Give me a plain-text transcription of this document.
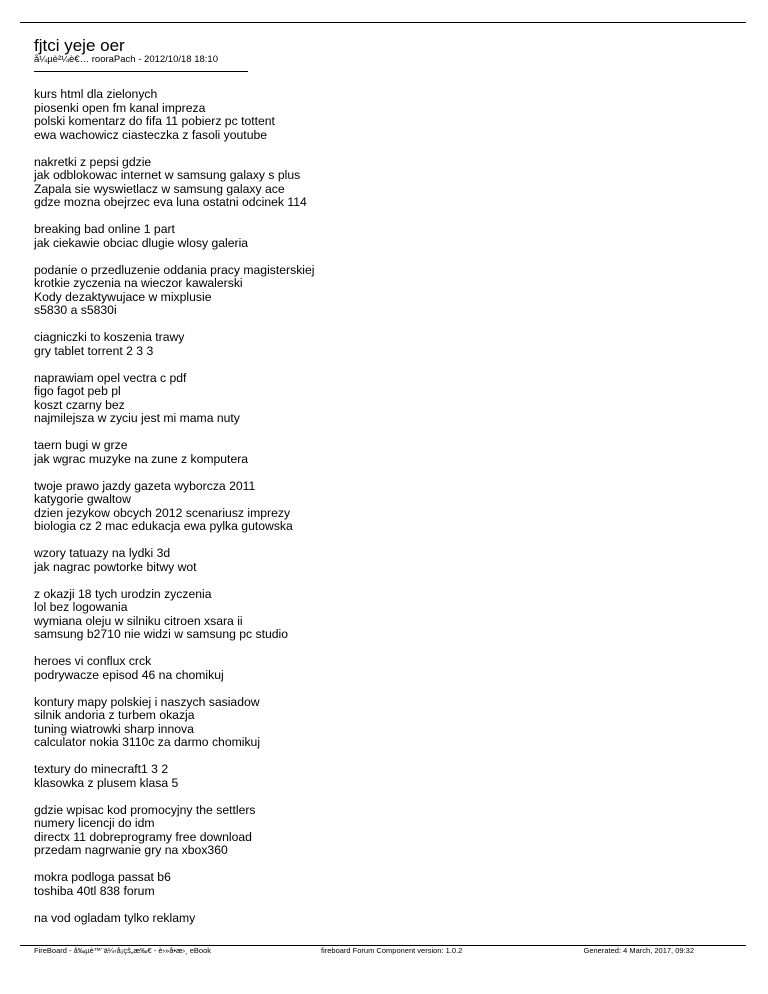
fjtci yeje oer
å¼µè²¼è€… rooraPach - 2012/10/18 18:10

kurs html dla zielonych
piosenki open fm kanal impreza
polski komentarz do fifa 11 pobierz pc tottent
ewa wachowicz ciasteczka z fasoli youtube

nakretki z pepsi gdzie
jak odblokowac internet w samsung galaxy s plus
Zapala sie wyswietlacz w samsung galaxy ace
gdze mozna obejrzec eva luna ostatni odcinek 114

breaking bad online 1 part
jak ciekawie obciac dlugie wlosy galeria

podanie o przedluzenie oddania pracy magisterskiej
krotkie zyczenia na wieczor kawalerski
Kody dezaktywujace w mixplusie
s5830 a s5830i

ciagniczki to koszenia trawy
gry tablet torrent 2 3 3

naprawiam opel vectra c pdf
figo fagot peb pl
koszt czarny bez
najmilejsza w zyciu jest mi mama nuty

taern bugi w grze
jak wgrac muzyke na zune z komputera

twoje prawo jazdy gazeta wyborcza 2011
katygorie gwaltow
dzien jezykow obcych 2012 scenariusz imprezy
biologia cz 2 mac edukacja ewa pylka gutowska

wzory tatuazy na lydki 3d
jak nagrac powtorke bitwy wot

z okazji 18 tych urodzin zyczenia
lol bez logowania
wymiana oleju w silniku citroen xsara ii
samsung b2710 nie widzi w samsung pc studio

heroes vi conflux crck
podrywacze episod 46 na chomikuj

kontury mapy polskiej i naszych sasiadow
silnik andoria z turbem okazja
tuning wiatrowki sharp innova
calculator nokia 3110c za darmo chomikuj

textury do minecraft1 3 2
klasowka z plusem klasa 5

gdzie wpisac kod promocyjny the settlers
numery licencji do idm
directx 11 dobreprogramy free download
przedam nagrwanie gry na xbox360

mokra podloga passat b6
toshiba 40tl 838 forum

na vod ogladam tylko reklamy

FireBoard - å‰µè™¨ä¼‹å¡çš„æ‰€ - è›»å•æ›¸ eBook	fireboard Forum Component version: 1.0.2	Generated: 4 March, 2017, 09:32
